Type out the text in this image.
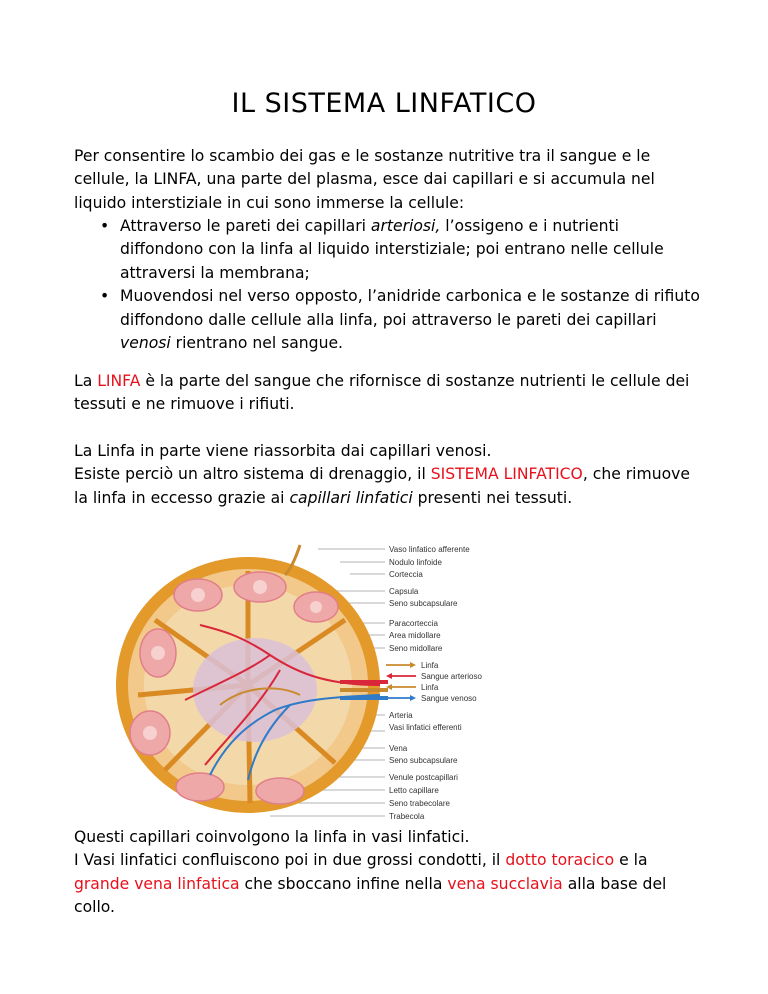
IL SISTEMA LINFATICO

Per consentire lo scambio dei gas e le sostanze nutritive tra il sangue e le cellule, la LINFA, una parte del plasma, esce dai capillari e si accumula nel liquido interstiziale in cui sono immerse la cellule:

• Attraverso le pareti dei capillari arteriosi, l’ossigeno e i nutrienti diffondono con la linfa al liquido interstiziale; poi entrano nelle cellule attraversi la membrana;
• Muovendosi nel verso opposto, l’anidride carbonica e le sostanze di rifiuto diffondono dalle cellule alla linfa, poi attraverso le pareti dei capillari venosi rientrano nel sangue.

La LINFA è la parte del sangue che rifornisce di sostanze nutrienti le cellule dei tessuti e ne rimuove i rifiuti.

La Linfa in parte viene riassorbita dai capillari venosi.
Esiste perciò un altro sistema di drenaggio, il SISTEMA LINFATICO, che rimuove la linfa in eccesso grazie ai capillari linfatici presenti nei tessuti.

Vaso linfatico afferente
Nodulo linfoide
Corteccia
Capsula
Seno subcapsulare
Paracorteccia
Area midollare
Seno midollare
Linfa
Sangue arterioso
Linfa
Sangue venoso
Arteria
Vasi linfatici efferenti
Vena
Seno subcapsulare
Venule postcapillari
Letto capillare
Seno trabecolare
Trabecola

Questi capillari coinvolgono la linfa in vasi linfatici.
I Vasi linfatici confluiscono poi in due grossi condotti, il dotto toracico e la grande vena linfatica che sboccano infine nella vena succlavia alla base del collo.
